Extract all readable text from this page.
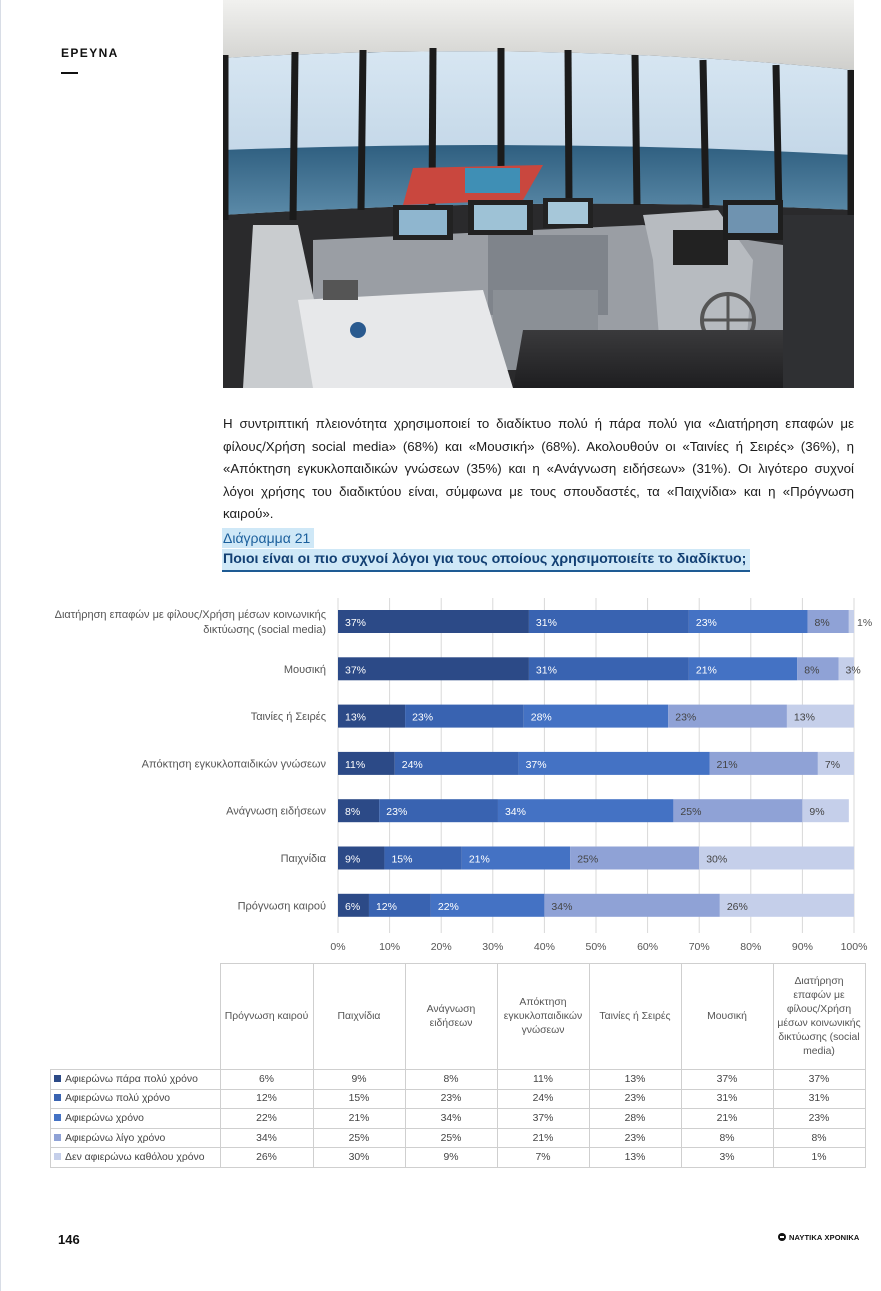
ΕΡΕΥΝΑ
Η συντριπτική πλειονότητα χρησιμοποιεί το διαδίκτυο πολύ ή πάρα πολύ για «Διατήρηση επαφών με φίλους/Χρήση social media» (68%) και «Μουσική» (68%). Ακολουθούν οι «Ταινίες ή Σειρές» (36%), η «Απόκτηση εγκυκλοπαιδικών γνώσεων (35%) και η «Ανάγνωση ειδήσεων» (31%). Οι λιγότερο συχνοί λόγοι χρήσης του διαδικτύου είναι, σύμφωνα με τους σπουδαστές, τα «Παιχνίδια» και η «Πρόγνωση καιρού».
Διάγραμμα 21
Ποιοι είναι οι πιο συχνοί λόγοι για τους οποίους χρησιμοποιείτε το διαδίκτυο;
0%	10%	20%	30%	40%	50%	60%	70%	80%	90%	100%
Διατήρηση επαφών με φίλους/Χρήση μέσων κοινωνικής
δικτύωσης (social media)
37%	31%	23%	8%	1%
Μουσική 37%	31%	21%	8% 3%
Ταινίες ή Σειρές 13%	23%	28%	23%	13%
Απόκτηση εγκυκλοπαιδικών γνώσεων 11%	24%	37%	21%	7%
Ανάγνωση ειδήσεων 8% 23%	34%	25%	9%
Παιχνίδια 9%	15%	21%	25%	30%
Πρόγνωση καιρού 6% 12%	22%	34%	26%
	Πρόγνωση καιρού	Παιχνίδια	Ανάγνωση ειδήσεων	Απόκτηση εγκυκλοπαιδικών γνώσεων	Ταινίες ή Σειρές	Μουσική	Διατήρηση επαφών με φίλους/Χρήση μέσων κοινωνικής δικτύωσης (social media)
Αφιερώνω πάρα πολύ χρόνο	6%	9%	8%	11%	13%	37%	37%
Αφιερώνω πολύ χρόνο	12%	15%	23%	24%	23%	31%	31%
Αφιερώνω χρόνο	22%	21%	34%	37%	28%	21%	23%
Αφιερώνω λίγο χρόνο	34%	25%	25%	21%	23%	8%	8%
Δεν αφιερώνω καθόλου χρόνο	26%	30%	9%	7%	13%	3%	1%
146	ΝΑΥΤΙΚΑ ΧΡΟΝΙΚΑ
